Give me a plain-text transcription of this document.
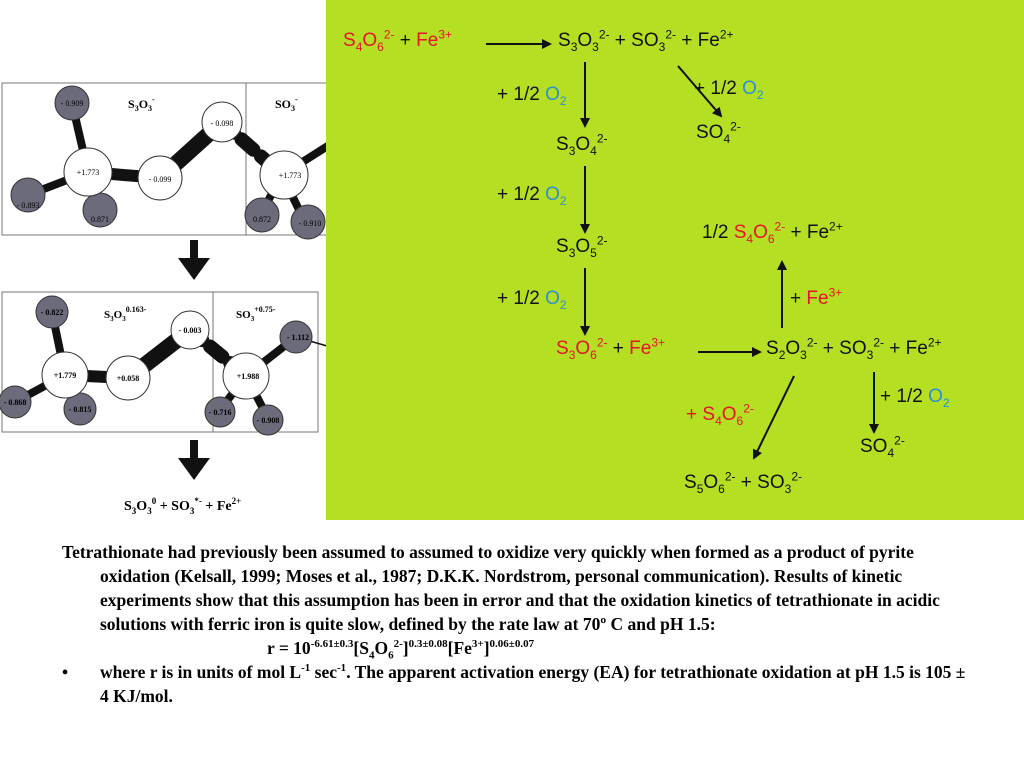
- 0.909
+1.773
- 0.893
0.871
- 0.099
- 0.098
+1.773
0.872	- 0.910
$S_3O_3^-$	$SO_3^-$
- 0.822
+1.779
- 0.868
- 0.815
+0.058
- 0.003
+1.988
- 1.112
- 0.716
- 0.908
$S_3O_3^{0.163-}$	$SO_3^{+0.75-}$
$S_3O_3^0 + SO_3^{*-} + Fe^{2+}$
$S_4O_6^{2-} + Fe^{3+}$	$S_3O_3^{2-} + SO_3^{2-} + Fe^{2+}$
+ 1/2 $O_2$
+ 1/2 $O_2$
$S_3O_4^{2-}$	$SO_4^{2-}$
+ 1/2 $O_2$
$S_3O_5^{2-}$	1/2 $S_4O_6^{2-} + Fe^{2+}$
+ 1/2 $O_2$	+ $Fe^{3+}$
$S_3O_6^{2-} + Fe^{3+}$	$S_2O_3^{2-} + SO_3^{2-} + Fe^{2+}$
+ $S_4O_6^{2-}$
+ 1/2 $O_2$
$SO_4^{2-}$
$S_5O_6^{2-} + SO_3^{2-}$

Tetrathionate had previously been assumed to assumed to oxidize very quickly when formed as a product of pyrite oxidation (Kelsall, 1999; Moses et al., 1987; D.K.K. Nordstrom, personal communication). Results of kinetic experiments show that this assumption has been in error and that the oxidation kinetics of tetrathionate in acidic solutions with ferric iron is quite slow, defined by the rate law at 70º C and pH 1.5:

$r = 10^{-6.61\pm 0.3}[S_4O_6^{2-}]^{0.3\pm 0.08}[Fe^{3+}]^{0.06\pm 0.07}$

•	where r is in units of mol $L^{-1}$ $\sec^{-1}$. The apparent activation energy (EA) for tetrathionate oxidation at pH 1.5 is 105 ± 4 KJ/mol.
